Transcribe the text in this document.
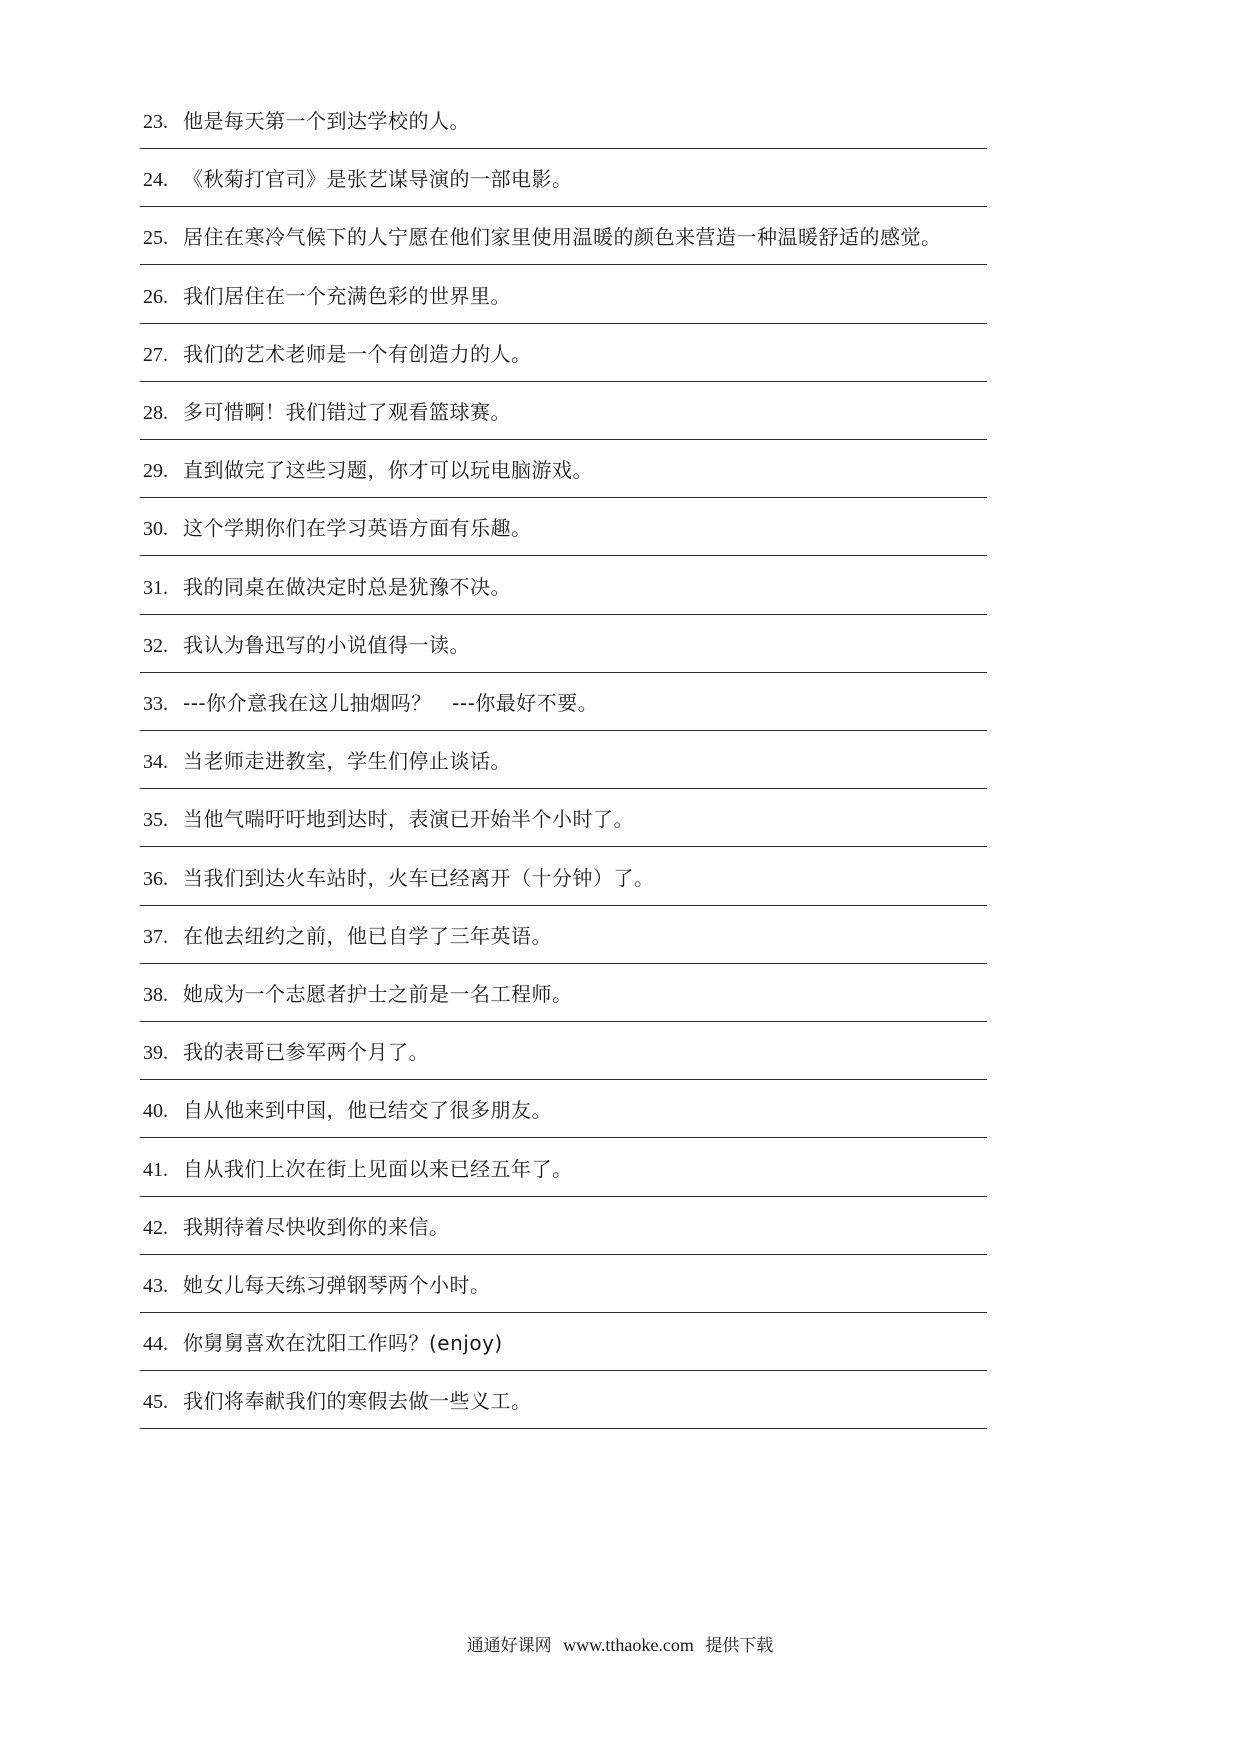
23. 他是每天第一个到达学校的人。
24. 《秋菊打官司》是张艺谋导演的一部电影。
25. 居住在寒冷气候下的人宁愿在他们家里使用温暖的颜色来营造一种温暖舒适的感觉。
26. 我们居住在一个充满色彩的世界里。
27. 我们的艺术老师是一个有创造力的人。
28. 多可惜啊！我们错过了观看篮球赛。
29. 直到做完了这些习题，你才可以玩电脑游戏。
30. 这个学期你们在学习英语方面有乐趣。
31. 我的同桌在做决定时总是犹豫不决。
32. 我认为鲁迅写的小说值得一读。
33. ---你介意我在这儿抽烟吗？　---你最好不要。
34. 当老师走进教室，学生们停止谈话。
35. 当他气喘吁吁地到达时，表演已开始半个小时了。
36. 当我们到达火车站时，火车已经离开（十分钟）了。
37. 在他去纽约之前，他已自学了三年英语。
38. 她成为一个志愿者护士之前是一名工程师。
39. 我的表哥已参军两个月了。
40. 自从他来到中国，他已结交了很多朋友。
41. 自从我们上次在街上见面以来已经五年了。
42. 我期待着尽快收到你的来信。
43. 她女儿每天练习弹钢琴两个小时。
44. 你舅舅喜欢在沈阳工作吗？(enjoy)
45. 我们将奉献我们的寒假去做一些义工。
通通好课网 www.tthaoke.com 提供下载
